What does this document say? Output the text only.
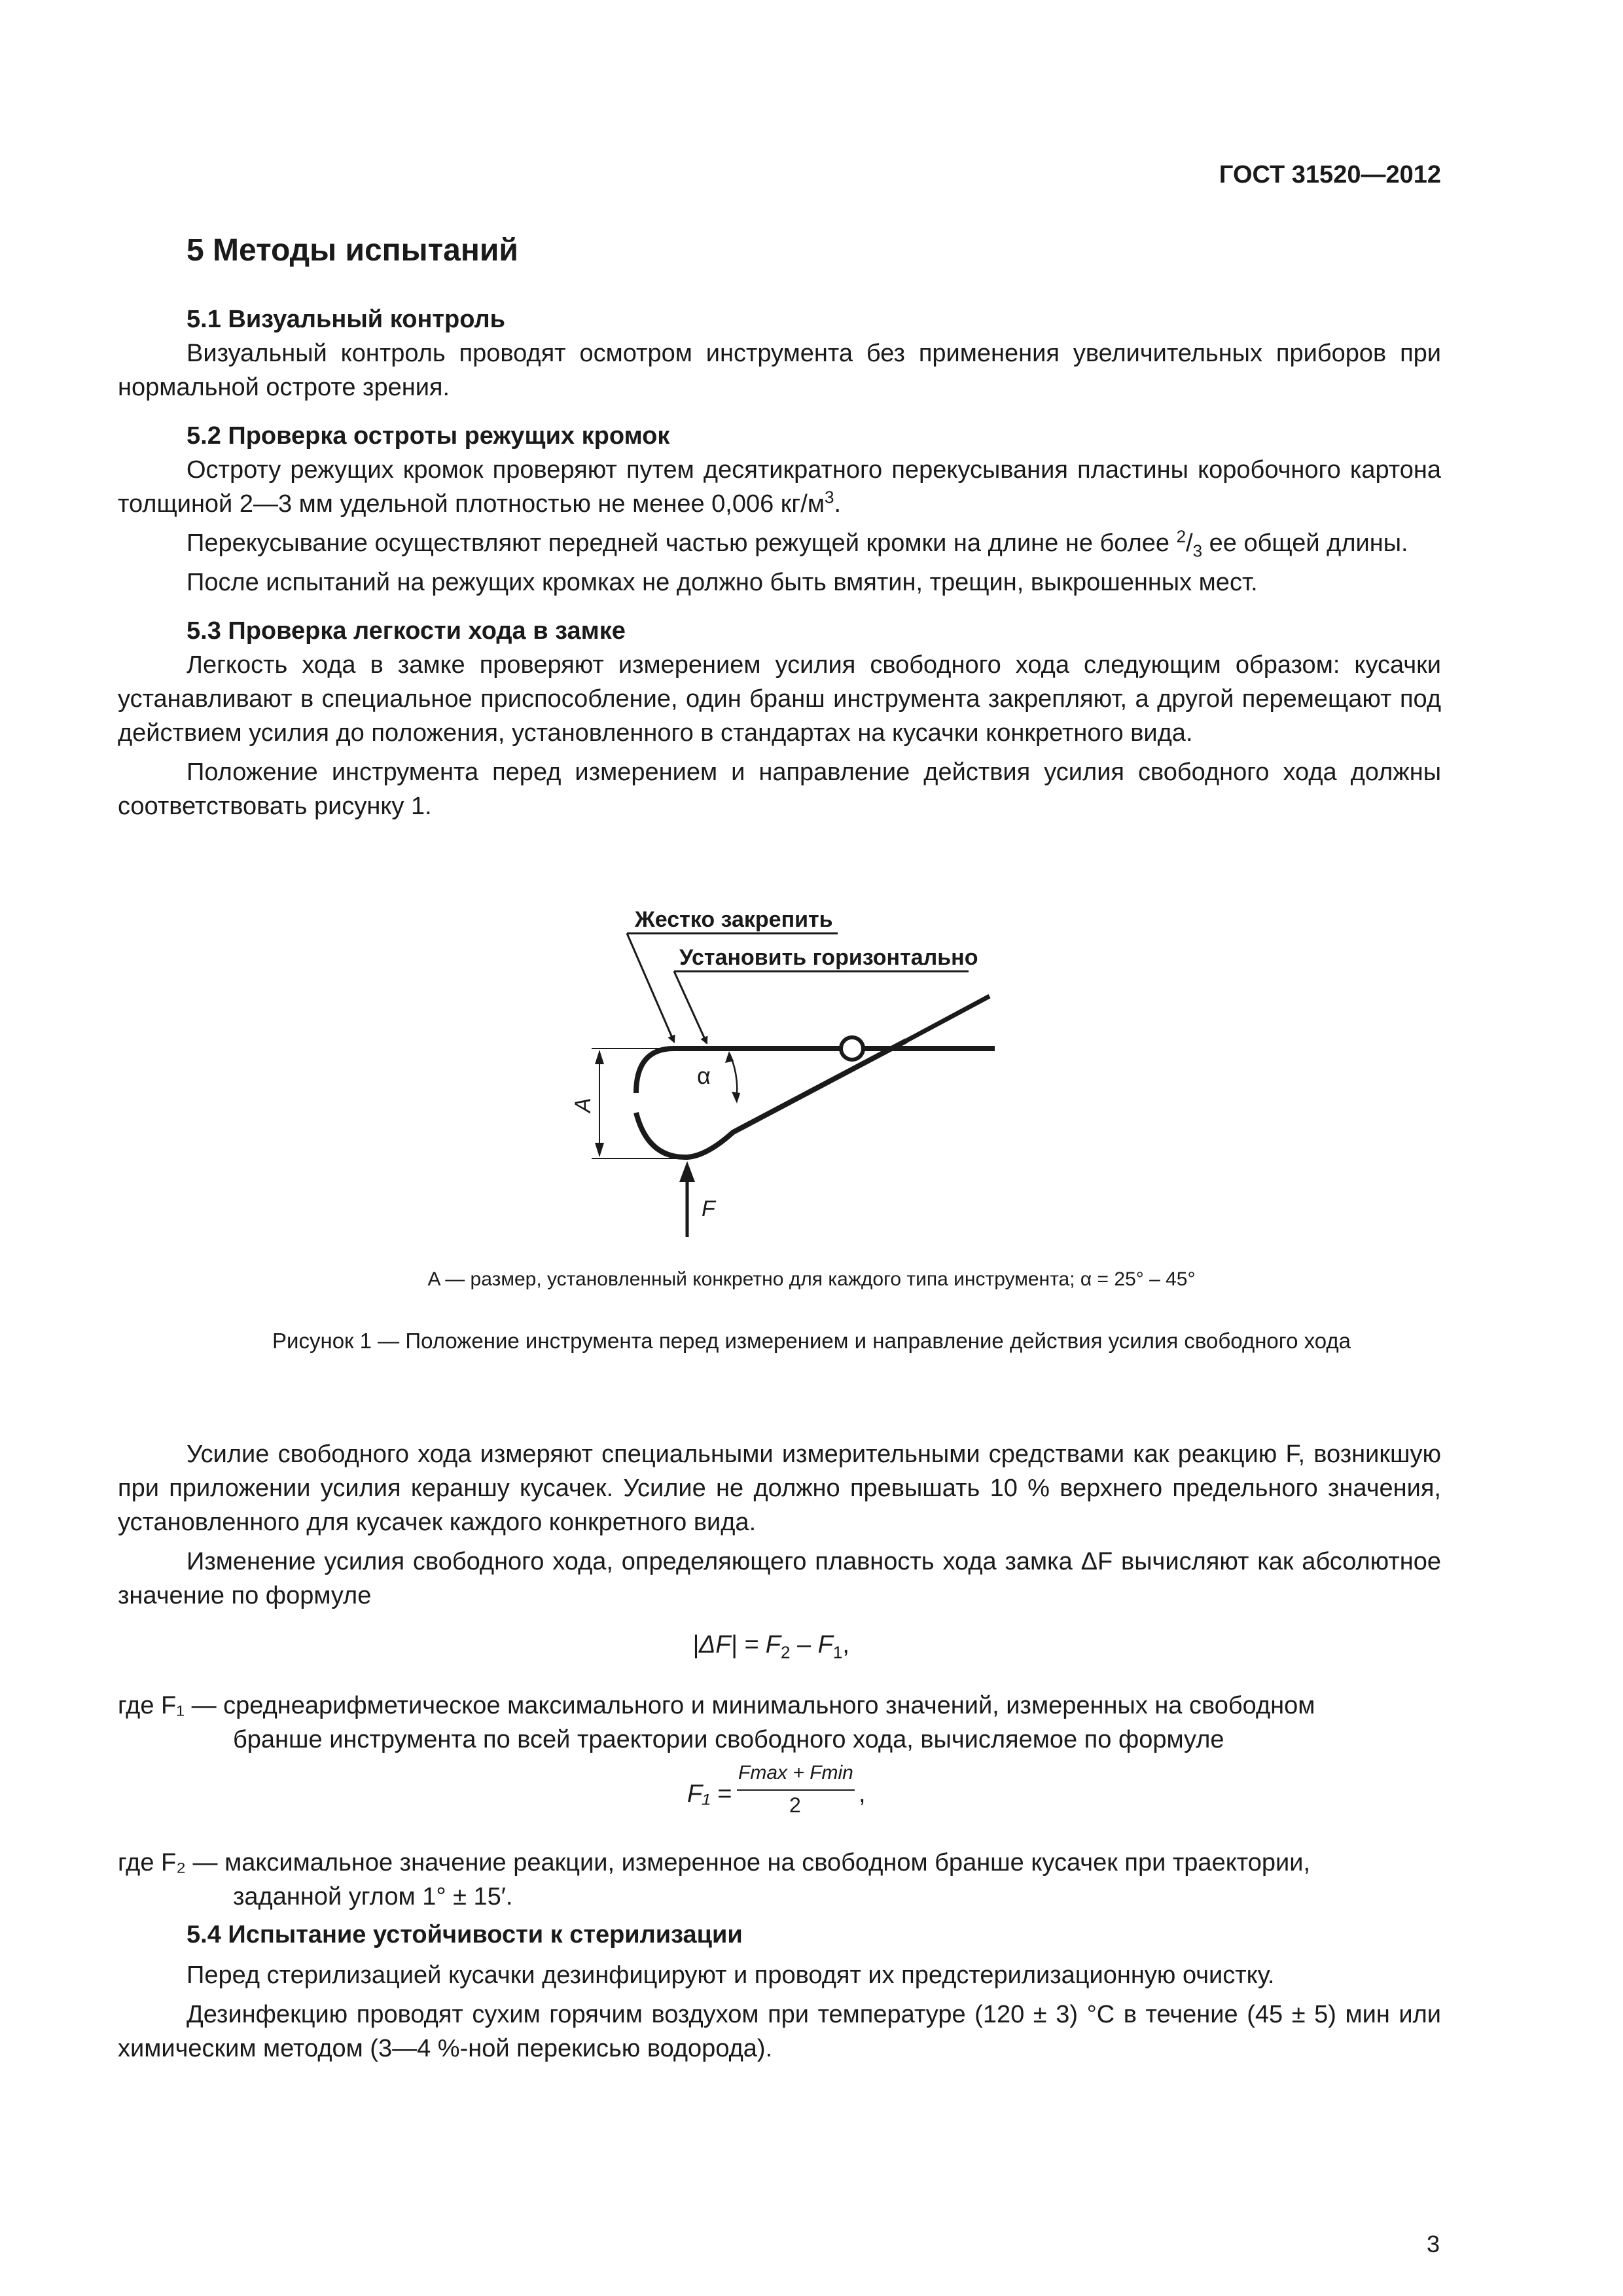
ГОСТ 31520—2012
5 Методы испытаний

5.1 Визуальный контроль

Визуальный контроль проводят осмотром инструмента без применения увеличительных приборов при нормальной остроте зрения.

5.2 Проверка остроты режущих кромок

Остроту режущих кромок проверяют путем десятикратного перекусывания пластины коробочного картона толщиной 2—3 мм удельной плотностью не менее 0,006 $кг/м^3$.

Перекусывание осуществляют передней частью режущей кромки на длине не более $^2/_3$ ее общей длины.

После испытаний на режущих кромках не должно быть вмятин, трещин, выкрошенных мест.

5.3 Проверка легкости хода в замке

Легкость хода в замке проверяют измерением усилия свободного хода следующим образом: кусачки устанавливают в специальное приспособление, один бранш инструмента закрепляют, а другой перемещают под действием усилия до положения, установленного в стандартах на кусачки конкретного вида.

Положение инструмента перед измерением и направление действия усилия свободного хода должны соответствовать рисунку 1.

Жестко закрепить
Установить горизонтально
A
α
F
A — размер, установленный конкретно для каждого типа инструмента; α = 25° – 45°
Рисунок 1 — Положение инструмента перед измерением и направление действия усилия свободного хода

Усилие свободного хода измеряют специальными измерительными средствами как реакцию F, возникшую при приложении усилия кераншу кусачек. Усилие не должно превышать 10 % верхнего предельного значения, установленного для кусачек каждого конкретного вида.

Изменение усилия свободного хода, определяющего плавность хода замка ΔF вычисляют как абсолютное значение по формуле

$|\Delta F| = F_2 - F_1$,
где F₁ — среднеарифметическое максимального и минимального значений, измеренных на свободном
бранше инструмента по всей траектории свободного хода, вычисляемое по формуле
F₁ =
Fmax + Fmin
2 ,
где F₂ — максимальное значение реакции, измеренное на свободном бранше кусачек при траектории,
заданной углом 1° ± 15′.

5.4 Испытание устойчивости к стерилизации

Перед стерилизацией кусачки дезинфицируют и проводят их предстерилизационную очистку.

Дезинфекцию проводят сухим горячим воздухом при температуре (120 ± 3) °С в течение (45 ± 5) мин или химическим методом (3—4 %-ной перекисью водорода).

3
